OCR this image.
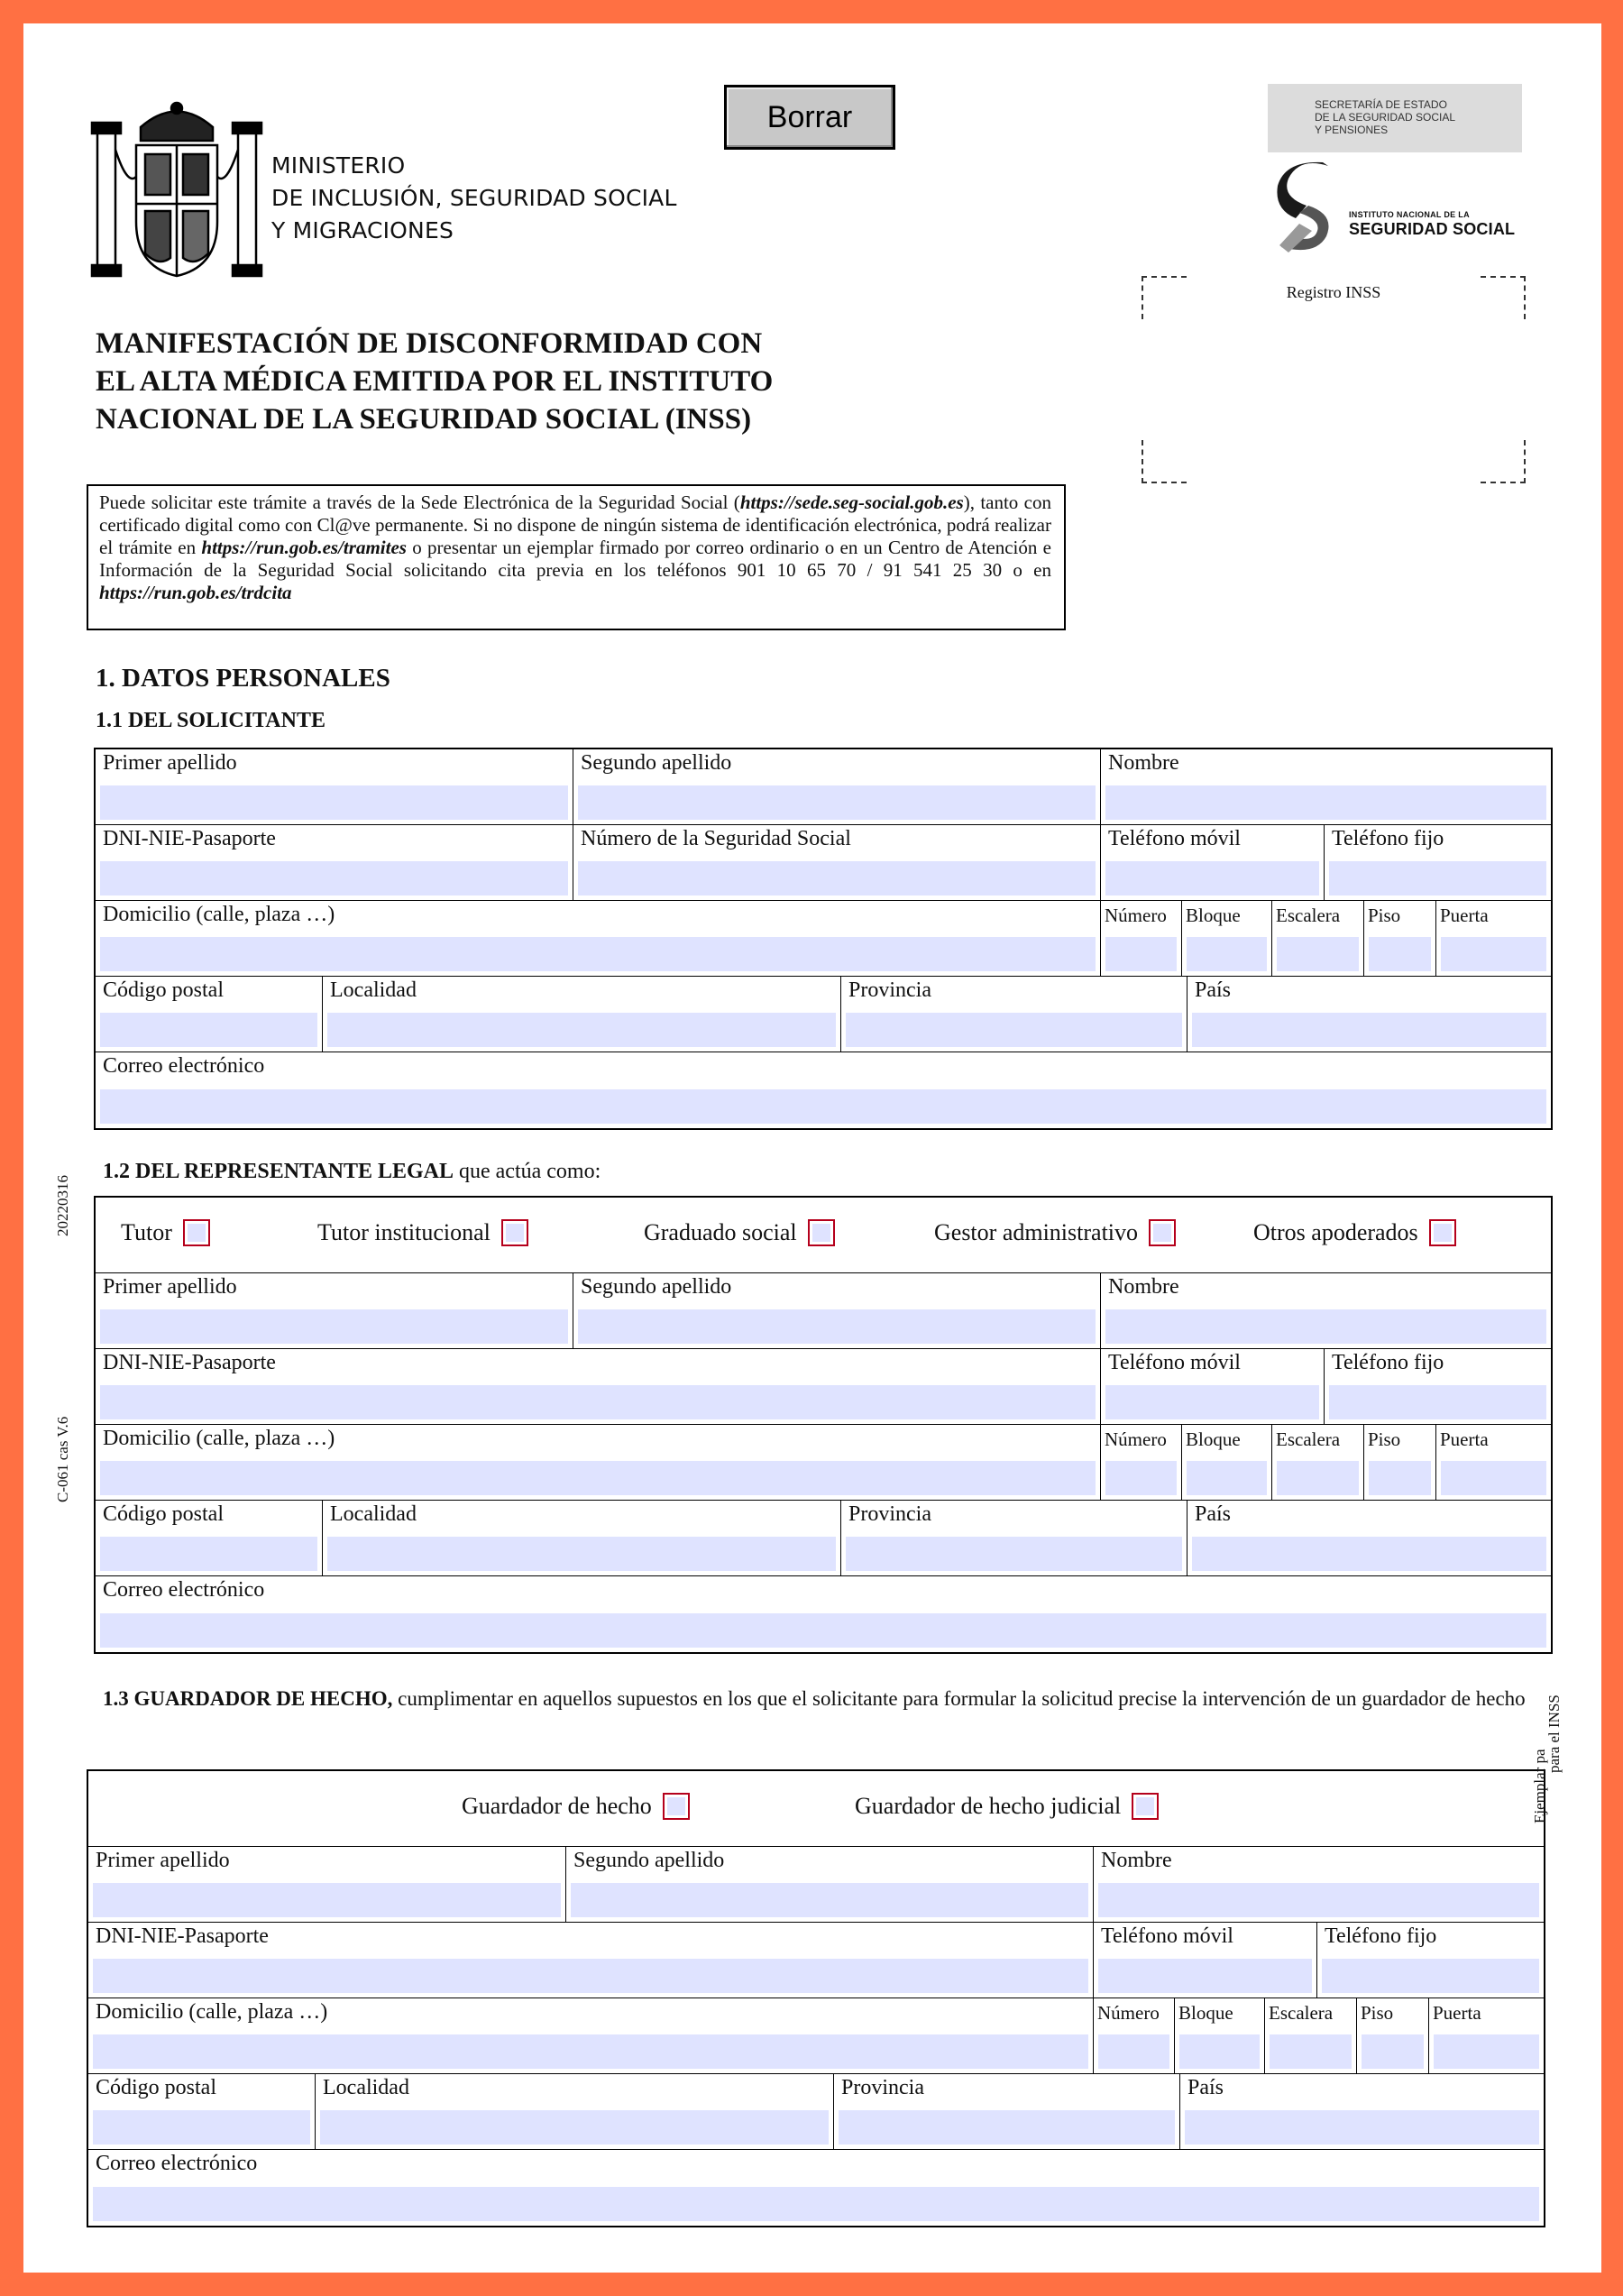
MINISTERIO
DE INCLUSIÓN, SEGURIDAD SOCIAL
Y MIGRACIONES
Borrar	SECRETARÍA DE ESTADO
DE LA SEGURIDAD SOCIAL
Y PENSIONES
INSTITUTO NACIONAL DE LA
SEGURIDAD SOCIAL
Registro INSS
MANIFESTACIÓN DE DISCONFORMIDAD CON
EL ALTA MÉDICA EMITIDA POR EL INSTITUTO
NACIONAL DE LA SEGURIDAD SOCIAL (INSS)
Puede solicitar este trámite a través de la Sede Electrónica de la Seguridad Social (https://sede.seg-social.gob.es), tanto con certificado digital como con Cl@ve permanente. Si no dispone de ningún sistema de identificación electrónica, podrá realizar el trámite en https://run.gob.es/tramites o presentar un ejemplar firmado por correo ordinario o en un Centro de Atención e Información de la Seguridad Social solicitando cita previa en los teléfonos 901 10 65 70 / 91 541 25 30 o en https://run.gob.es/trdcita
1. DATOS PERSONALES
1.1 DEL SOLICITANTE
Primer apellido	Segundo apellido	Nombre
DNI-NIE-Pasaporte	Número de la Seguridad Social	Teléfono móvil	Teléfono fijo
Domicilio (calle, plaza …)	Número Bloque Escalera Piso Puerta
Código postal	Localidad	Provincia	País
Correo electrónico
1.2 DEL REPRESENTANTE LEGAL que actúa como:
Tutor	Tutor institucional	Graduado social	Gestor administrativo	Otros apoderados
Primer apellido	Segundo apellido	Nombre
DNI-NIE-Pasaporte	Teléfono móvil	Teléfono fijo
Domicilio (calle, plaza …)	Número Bloque Escalera Piso Puerta
Código postal	Localidad	Provincia	País
Correo electrónico
1.3 GUARDADOR DE HECHO, cumplimentar en aquellos supuestos en los que el solicitante para formular la solicitud precise la intervención de un guardador de hecho
Guardador de hecho	Guardador de hecho judicial
Primer apellido	Segundo apellido	Nombre
DNI-NIE-Pasaporte	Teléfono móvil	Teléfono fijo
Domicilio (calle, plaza …)	Número Bloque Escalera Piso Puerta
Código postal	Localidad	Provincia	País
Correo electrónico
20220316
C-061 cas V.6
Ejemplar pa
para el INSS
